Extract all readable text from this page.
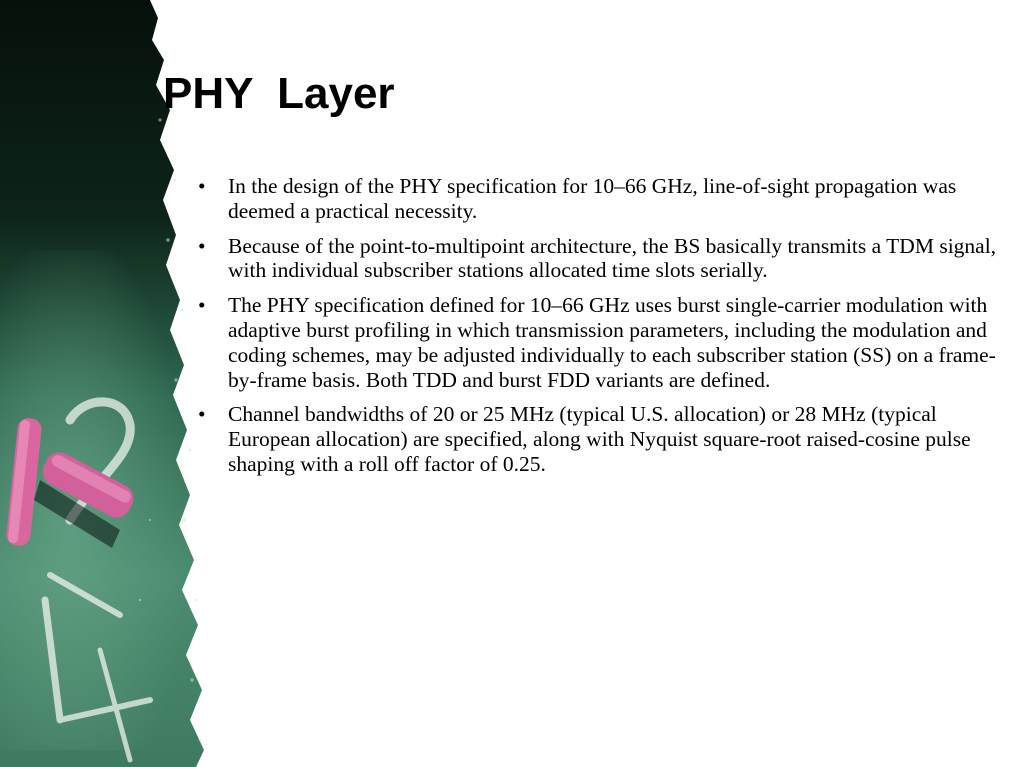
PHY  Layer
• In the design of the PHY specification for 10–66 GHz, line-of-sight propagation was deemed a practical necessity.
• Because of the point-to-multipoint architecture, the BS basically transmits a TDM signal, with individual subscriber stations allocated time slots serially.
• The PHY specification defined for 10–66 GHz uses burst single-carrier modulation with adaptive burst profiling in which transmission parameters, including the modulation and coding schemes, may be adjusted individually to each subscriber station (SS) on a frame-by-frame basis. Both TDD and burst FDD variants are defined.
• Channel bandwidths of 20 or 25 MHz (typical U.S. allocation) or 28 MHz (typical European allocation) are specified, along with Nyquist square-root raised-cosine pulse shaping with a roll off factor of 0.25.
